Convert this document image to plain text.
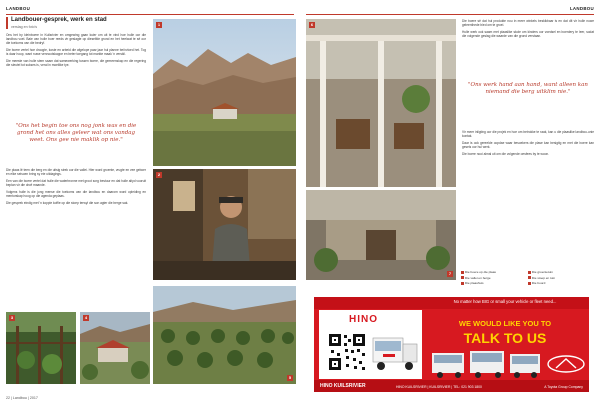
LANDBOU
Landbouer-gesprek, werk en stad
verslag en foto's

Ons het by kleinboere in Kuilsrivier en omgewing gaan kuier om uit te vind hoe hulle oor die landbou voel. Baie van hulle boer reeds vir geslagte op dieselfde grond en het heelwat te sê oor die toekoms van die bedryf.

Die boere vertel hoe droogte, koste en arbeid die afgelope paar jaar hul planne beïnvloed het. Tog is daar hoop, want nuwe vennootskappe en beter toegang tot markte maak 'n verskil.

Die meeste van hulle stem saam dat samewerking tussen boere, die gemeenskap en die regering die sleutel tot sukses is, veral in moeilike tye.

"Ons het begin toe ons nog jonk was en die grond het ons alles geleer wat ons vandag weet. Ons gee nie maklik op nie."

Die plaas lê teen die berg en die uitsig strek oor die vallei. Hier word groente, vrugte en vee geboer en elke seisoen bring sy eie uitdagings.

Een van die boere vertel dat hulle die waterbronne met groot sorg bestuur en dat hulle altyd vooruit beplan vir die droë maande.

Volgens hulle is die jong mense die toekoms van die landbou en daarom word opleiding en mentorskap hoog op die agenda geplaas.

Die gesprek eindig met 'n koppie koffie op die stoep terwyl die son agter die berge sak.

1
2
3	4
5
22 | Landbou | 2017
LANDBOU

Die boere sê dat hul produkte nou in meer winkels beskikbaar is en dat dit vir hulle nuwe geleenthede bied om te groei.

Hulle werk ook saam met plaaslike skole om kinders oor voedsel en boerdery te leer, sodat die volgende geslag die waarde van die grond verstaan.

"Ons werk hand aan hand, want alleen kan niemand die berg uitklim nie."

Vir meer inligting oor die projek en hoe om betrokke te raak, kan u die plaaslike landbou-unie kontak.

Daar is ook gereelde oopdae waar besoekers die plase kan besigtig en met die boere kan gesels oor hul werk.

Die boere nooi almal uit om die volgende oesfees by te woon.

6
7	Die boere op die plaas	Die groentetuin Die vallei en berge	Die stoep en tuin Die plaashuis	Die boord
No matter how BIG or small your vehicle or fleet need...
HINO	WE WOULD LIKE YOU TO
TALK TO US
HINO KUILSRIVIER	HINO KUILSRIVIER | KUILSRIVIER | TEL: 021 903 1800	A Toyota Group Company
